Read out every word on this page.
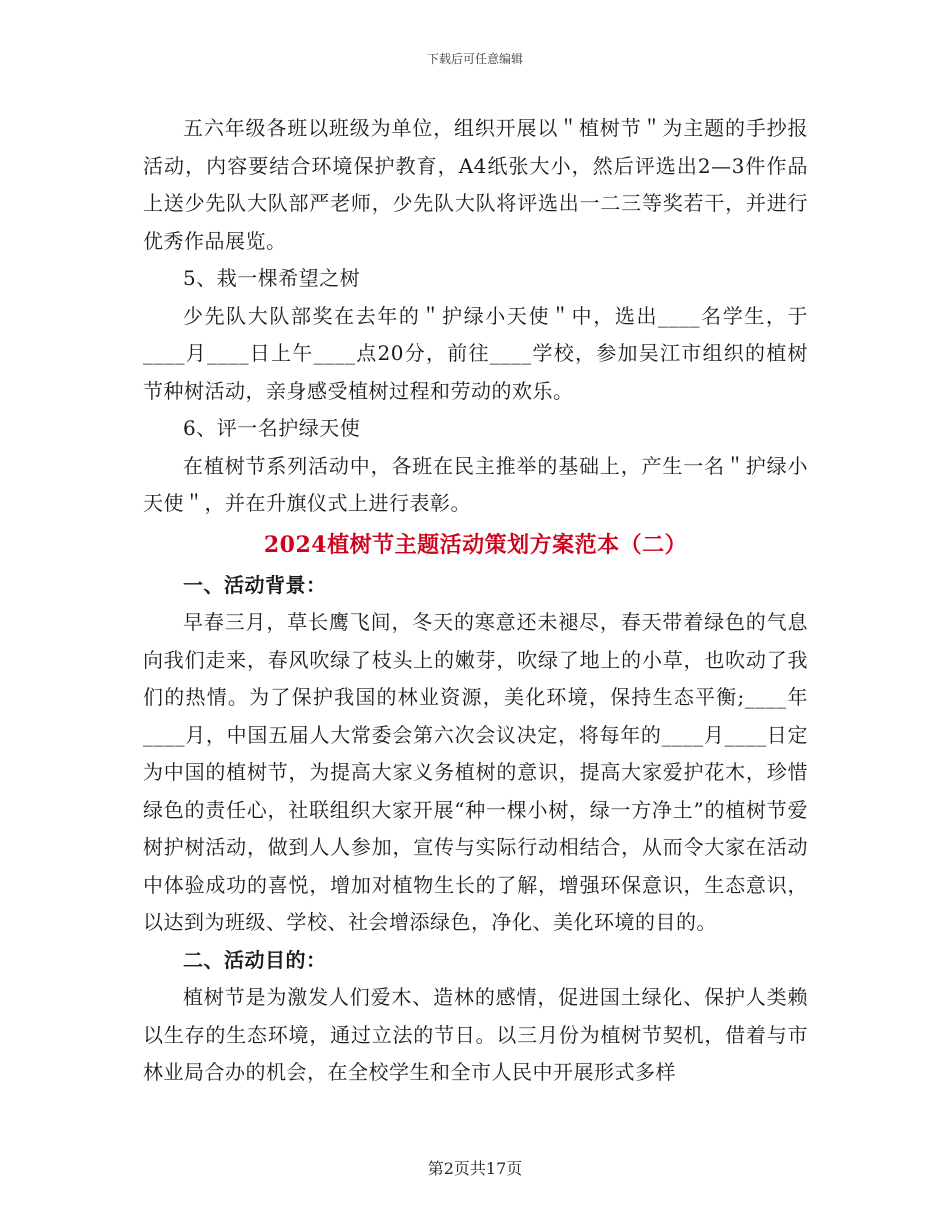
下载后可任意编辑

五六年级各班以班级为单位，组织开展以＂植树节＂为主题的手抄报活动，内容要结合环境保护教育，A4纸张大小，然后评选出2—3件作品上送少先队大队部严老师，少先队大队将评选出一二三等奖若干，并进行优秀作品展览。

5、栽一棵希望之树

少先队大队部奖在去年的＂护绿小天使＂中，选出____名学生，于____月____日上午____点20分，前往____学校，参加吴江市组织的植树节种树活动，亲身感受植树过程和劳动的欢乐。

6、评一名护绿天使

在植树节系列活动中，各班在民主推举的基础上，产生一名＂护绿小天使＂，并在升旗仪式上进行表彰。

2024植树节主题活动策划方案范本（二）

一、活动背景：

早春三月，草长鹰飞间，冬天的寒意还未褪尽，春天带着绿色的气息向我们走来，春风吹绿了枝头上的嫩芽，吹绿了地上的小草，也吹动了我们的热情。为了保护我国的林业资源，美化环境，保持生态平衡;____年____月，中国五届人大常委会第六次会议决定，将每年的____月____日定为中国的植树节，为提高大家义务植树的意识，提高大家爱护花木，珍惜绿色的责任心，社联组织大家开展“种一棵小树，绿一方净土”的植树节爱树护树活动，做到人人参加，宣传与实际行动相结合，从而令大家在活动中体验成功的喜悦，增加对植物生长的了解，增强环保意识，生态意识，以达到为班级、学校、社会增添绿色，净化、美化环境的目的。

二、活动目的：

植树节是为激发人们爱木、造林的感情，促进国土绿化、保护人类赖以生存的生态环境，通过立法的节日。以三月份为植树节契机，借着与市林业局合办的机会，在全校学生和全市人民中开展形式多样

第2页共17页
